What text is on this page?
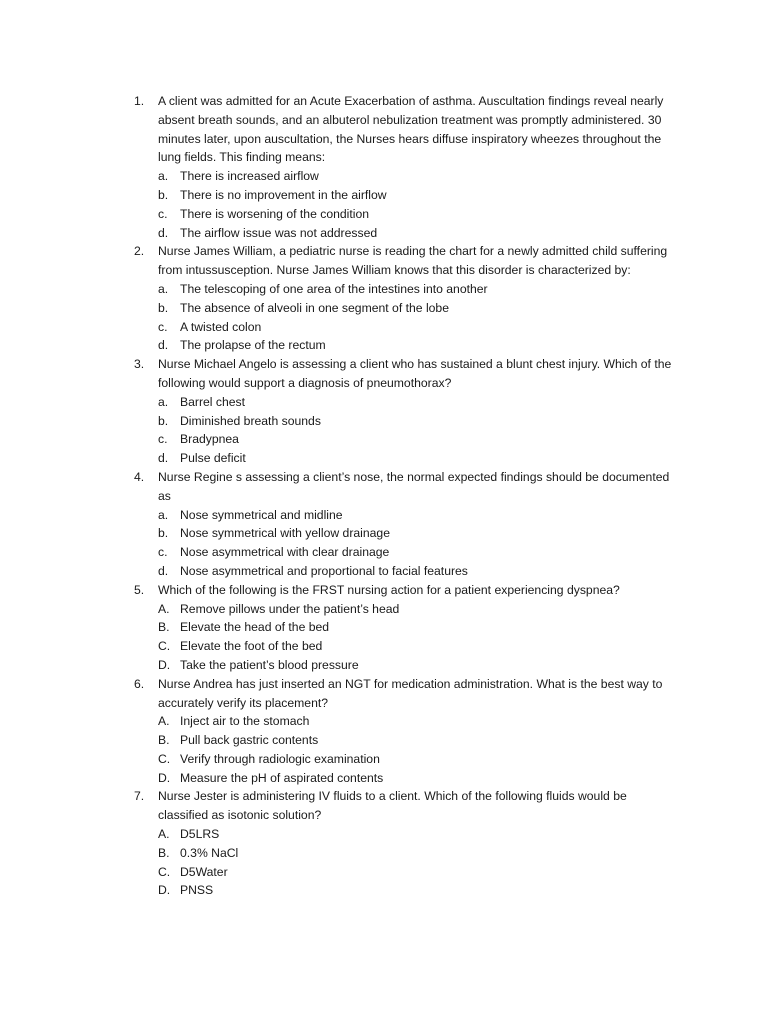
1.	A client was admitted for an Acute Exacerbation of asthma. Auscultation findings reveal nearly absent breath sounds, and an albuterol nebulization treatment was promptly administered. 30 minutes later, upon auscultation, the Nurses hears diffuse inspiratory wheezes throughout the lung fields. This finding means:
a. There is increased airflow
b. There is no improvement in the airflow
c. There is worsening of the condition
d. The airflow issue was not addressed
2.	Nurse James William, a pediatric nurse is reading the chart for a newly admitted child suffering from intussusception. Nurse James William knows that this disorder is characterized by:
a. The telescoping of one area of the intestines into another
b. The absence of alveoli in one segment of the lobe
c. A twisted colon
d. The prolapse of the rectum
3.	Nurse Michael Angelo is assessing a client who has sustained a blunt chest injury. Which of the following would support a diagnosis of pneumothorax?
a. Barrel chest
b. Diminished breath sounds
c. Bradypnea
d. Pulse deficit
4.	Nurse Regine s assessing a client’s nose, the normal expected findings should be documented as
a. Nose symmetrical and midline
b. Nose symmetrical with yellow drainage
c. Nose asymmetrical with clear drainage
d. Nose asymmetrical and proportional to facial features
5.	Which of the following is the FRST nursing action for a patient experiencing dyspnea?
A. Remove pillows under the patient’s head
B. Elevate the head of the bed
C. Elevate the foot of the bed
D. Take the patient’s blood pressure
6.	Nurse Andrea has just inserted an NGT for medication administration. What is the best way to accurately verify its placement?
A. Inject air to the stomach
B. Pull back gastric contents
C. Verify through radiologic examination
D. Measure the pH of aspirated contents
7.	Nurse Jester is administering IV fluids to a client. Which of the following fluids would be classified as isotonic solution?
A. D5LRS
B. 0.3% NaCl
C. D5Water
D. PNSS
